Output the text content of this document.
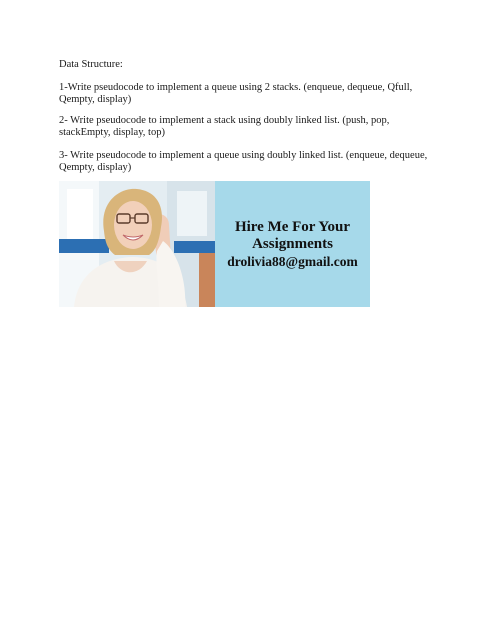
Data Structure:
1-Write pseudocode to implement a queue using 2 stacks. (enqueue, dequeue, Qfull, Qempty, display)
2- Write pseudocode to implement a stack using doubly linked list. (push, pop, stackEmpty, display, top)
3- Write pseudocode to implement a queue using doubly linked list. (enqueue, dequeue, Qempty, display)
Hire Me For Your
Assignments
drolivia88@gmail.com
